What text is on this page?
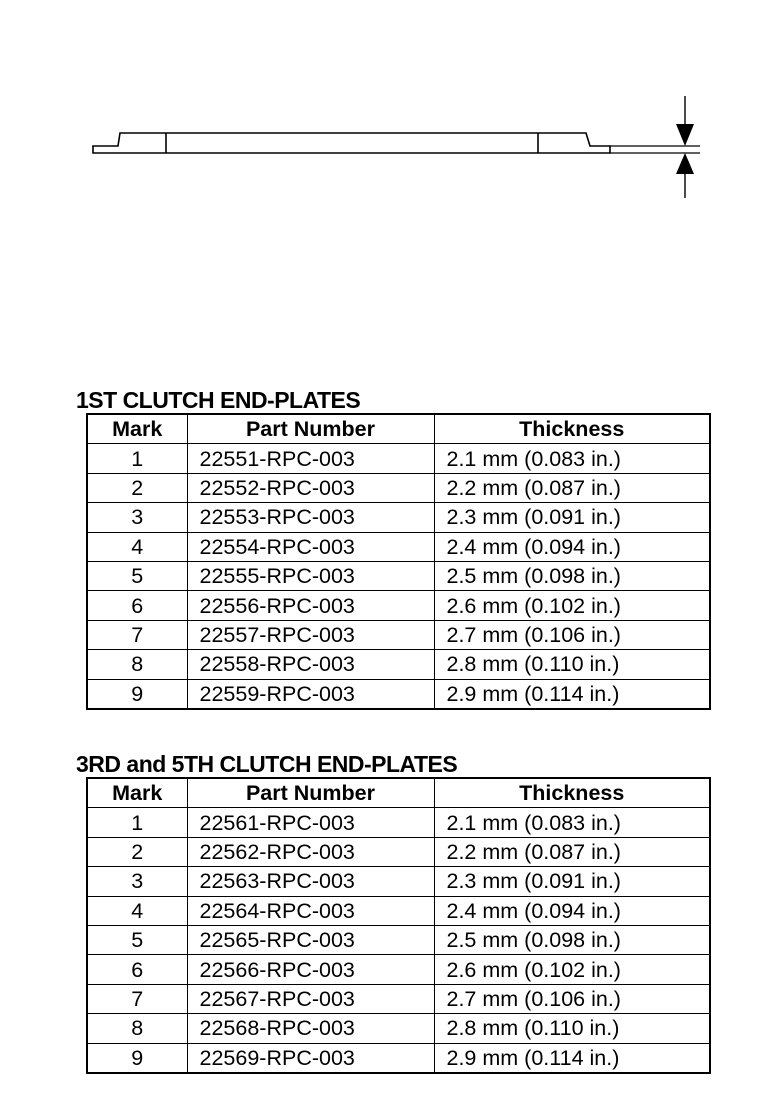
1ST CLUTCH END-PLATES
Mark	Part Number	Thickness
1	22551-RPC-003	2.1 mm (0.083 in.)
2	22552-RPC-003	2.2 mm (0.087 in.)
3	22553-RPC-003	2.3 mm (0.091 in.)
4	22554-RPC-003	2.4 mm (0.094 in.)
5	22555-RPC-003	2.5 mm (0.098 in.)
6	22556-RPC-003	2.6 mm (0.102 in.)
7	22557-RPC-003	2.7 mm (0.106 in.)
8	22558-RPC-003	2.8 mm (0.110 in.)
9	22559-RPC-003	2.9 mm (0.114 in.)
3RD and 5TH CLUTCH END-PLATES
Mark	Part Number	Thickness
1	22561-RPC-003	2.1 mm (0.083 in.)
2	22562-RPC-003	2.2 mm (0.087 in.)
3	22563-RPC-003	2.3 mm (0.091 in.)
4	22564-RPC-003	2.4 mm (0.094 in.)
5	22565-RPC-003	2.5 mm (0.098 in.)
6	22566-RPC-003	2.6 mm (0.102 in.)
7	22567-RPC-003	2.7 mm (0.106 in.)
8	22568-RPC-003	2.8 mm (0.110 in.)
9	22569-RPC-003	2.9 mm (0.114 in.)
